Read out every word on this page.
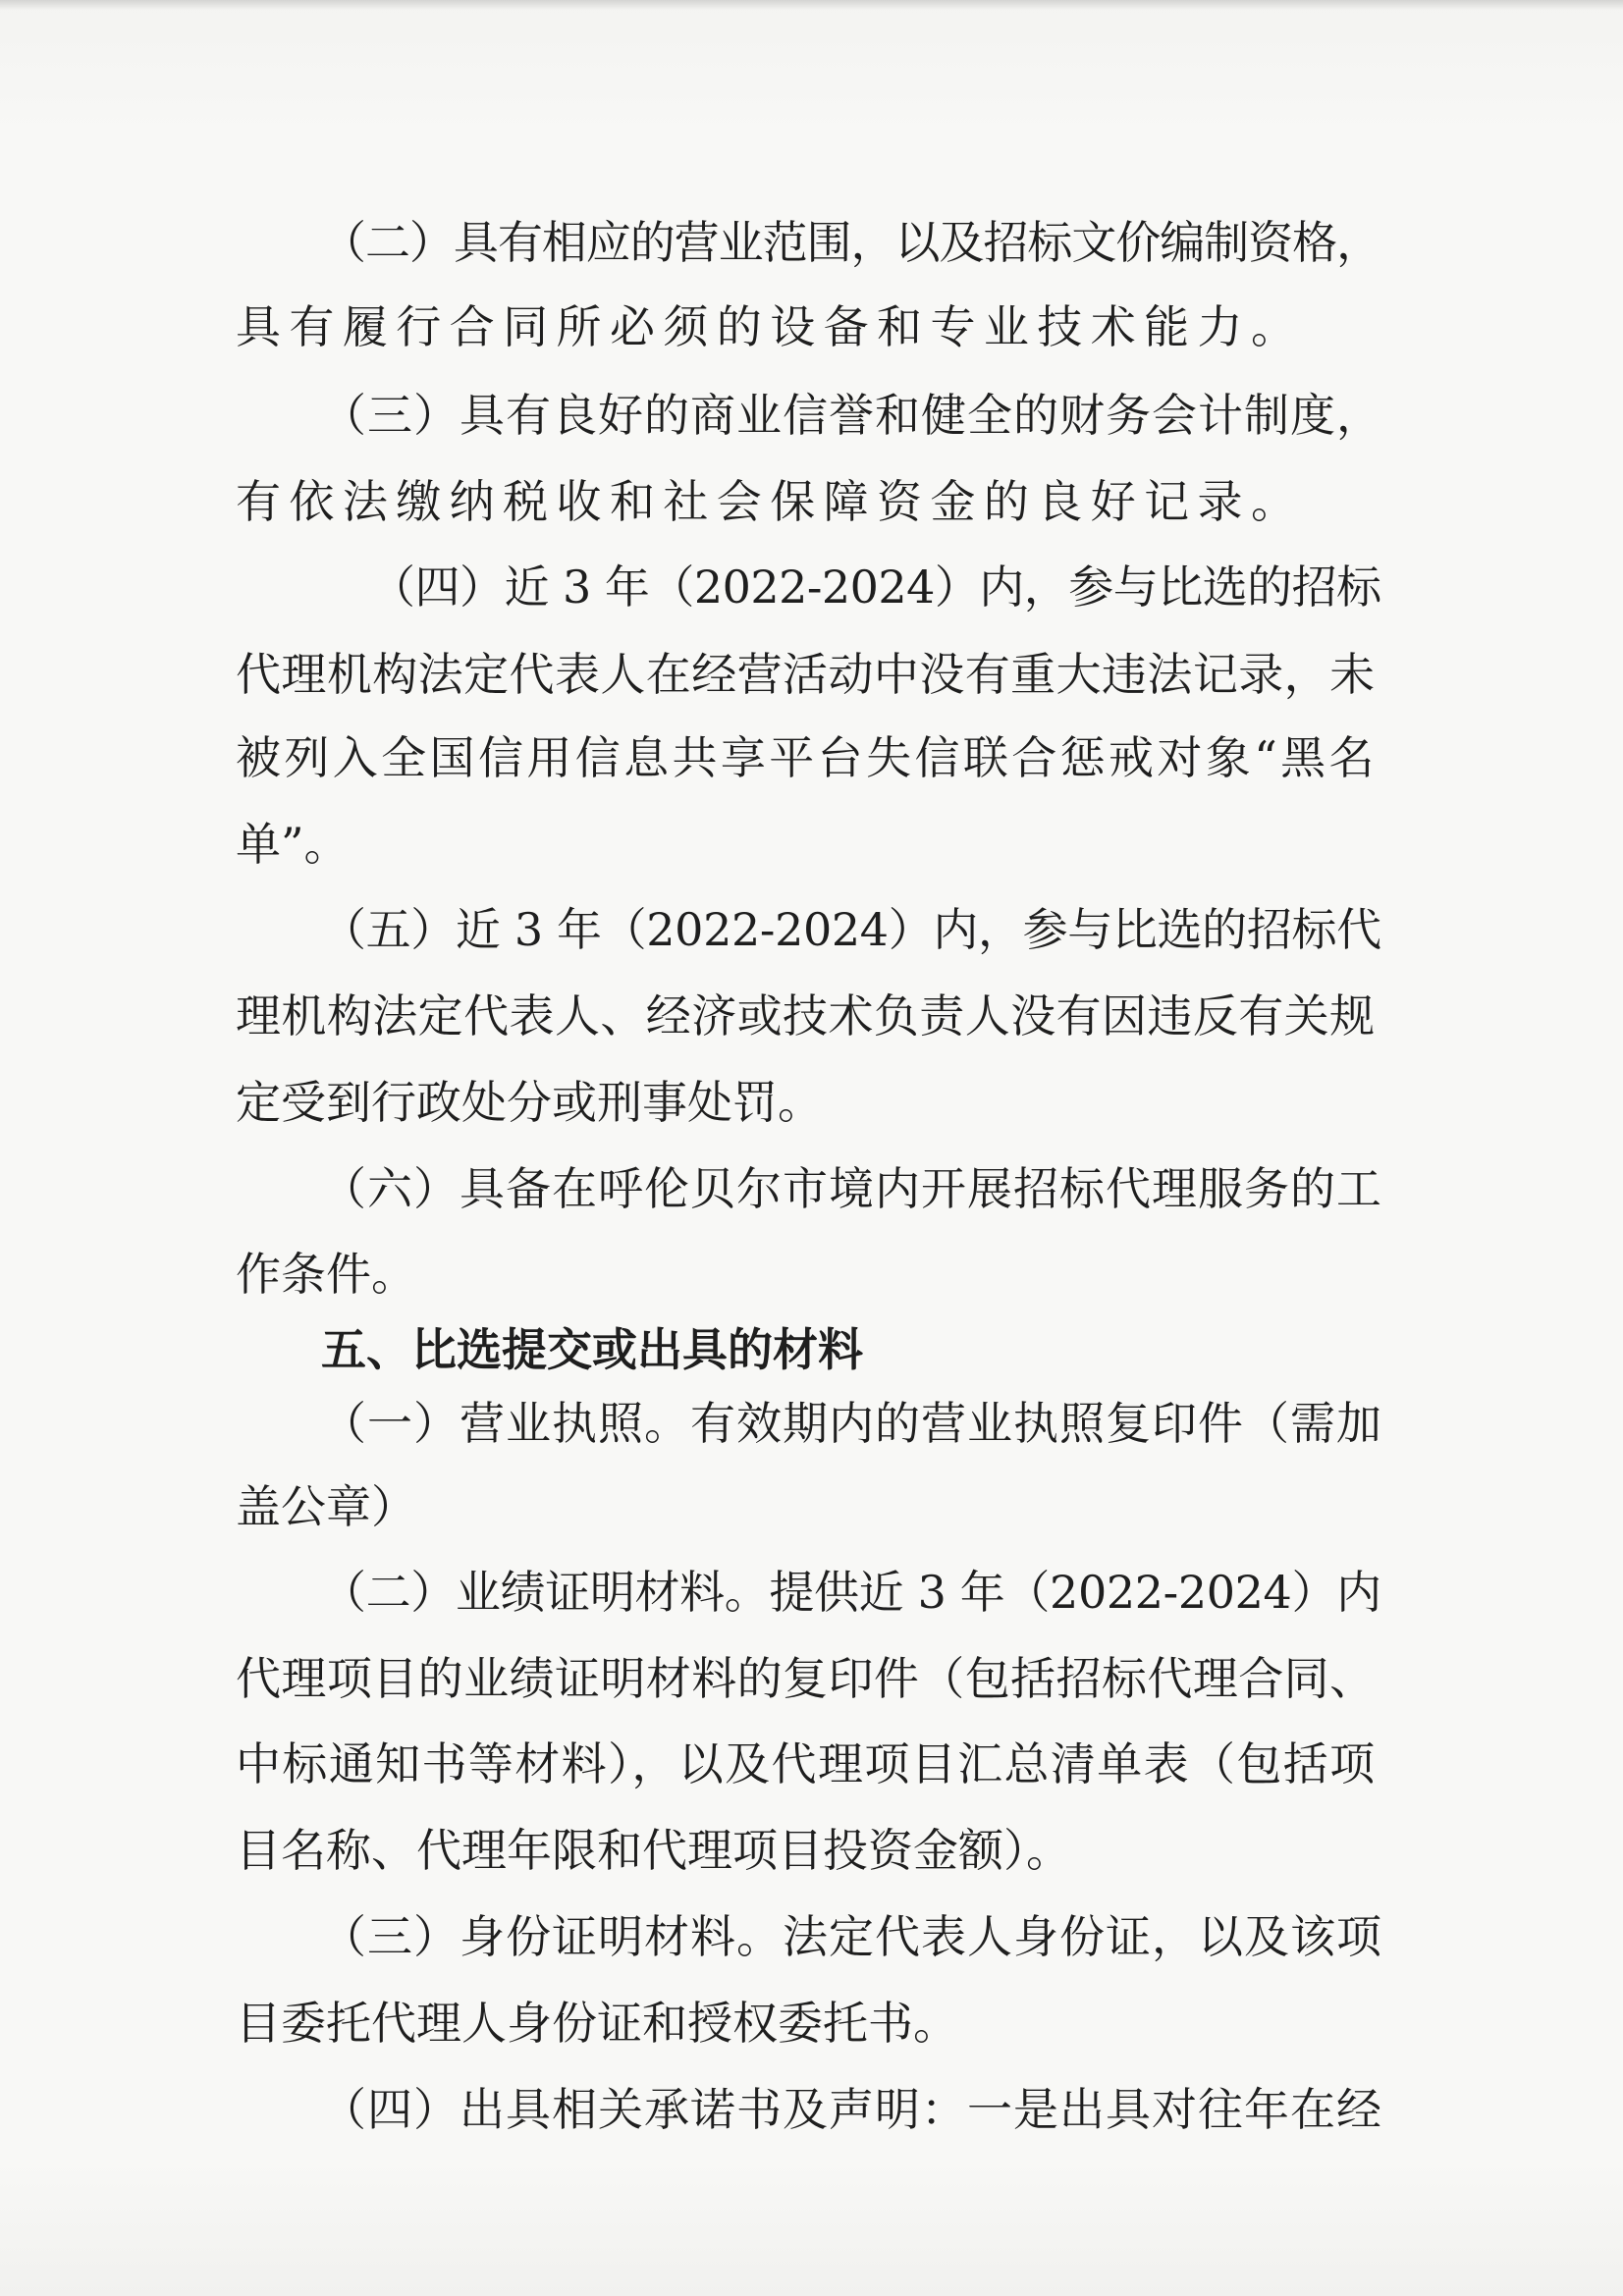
（二）具有相应的营业范围，以及招标文价编制资格，
具有履行合同所必须的设备和专业技术能力。
（三）具有良好的商业信誉和健全的财务会计制度，
有依法缴纳税收和社会保障资金的良好记录。
（四）近 3 年（2022-2024）内，参与比选的招标
代理机构法定代表人在经营活动中没有重大违法记录，未
被列入全国信用信息共享平台失信联合惩戒对象“黑名
单”。
（五）近 3 年（2022-2024）内，参与比选的招标代
理机构法定代表人、经济或技术负责人没有因违反有关规
定受到行政处分或刑事处罚。
（六）具备在呼伦贝尔市境内开展招标代理服务的工
作条件。
五、比选提交或出具的材料
（一）营业执照。有效期内的营业执照复印件（需加
盖公章）
（二）业绩证明材料。提供近 3 年（2022-2024）内
代理项目的业绩证明材料的复印件（包括招标代理合同、
中标通知书等材料），以及代理项目汇总清单表（包括项
目名称、代理年限和代理项目投资金额）。
（三）身份证明材料。法定代表人身份证，以及该项
目委托代理人身份证和授权委托书。
（四）出具相关承诺书及声明：一是出具对往年在经
